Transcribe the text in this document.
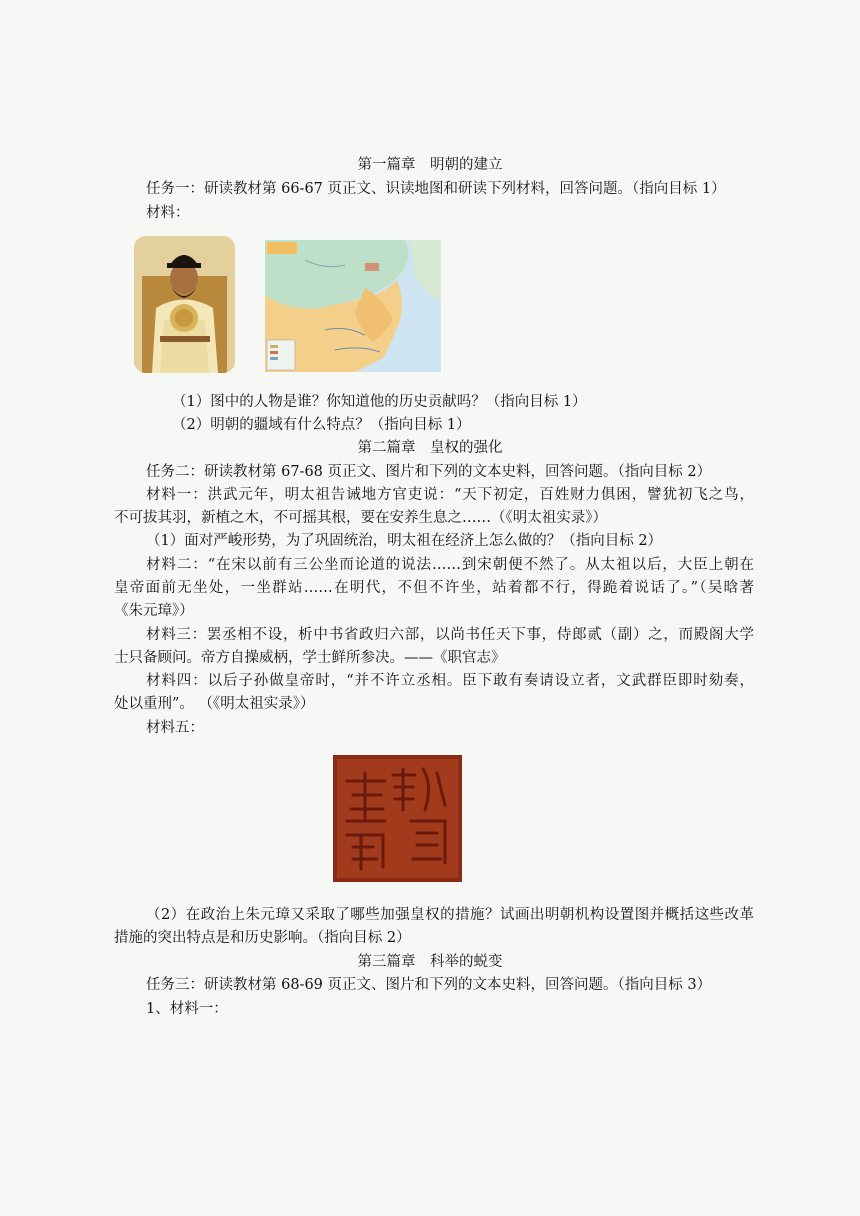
第一篇章　明朝的建立
任务一：研读教材第 66-67 页正文、识读地图和研读下列材料，回答问题。（指向目标 1）
材料：
（1）图中的人物是谁？你知道他的历史贡献吗？（指向目标 1）
（2）明朝的疆域有什么特点？（指向目标 1）
第二篇章　皇权的强化
任务二：研读教材第 67-68 页正文、图片和下列的文本史料，回答问题。（指向目标 2）
材料一：洪武元年，明太祖告诫地方官吏说：“天下初定，百姓财力俱困，譬犹初飞之鸟，
不可拔其羽，新植之木，不可摇其根，要在安养生息之……（《明太祖实录》）
（1）面对严峻形势，为了巩固统治，明太祖在经济上怎么做的？（指向目标 2）
材料二：“在宋以前有三公坐而论道的说法……到宋朝便不然了。从太祖以后，大臣上朝在
皇帝面前无坐处，一坐群站……在明代，不但不许坐，站着都不行，得跪着说话了。”（吴晗著
《朱元璋》）
材料三：罢丞相不设，析中书省政归六部，以尚书任天下事，侍郎贰（副）之，而殿阁大学
士只备顾问。帝方自操威柄，学士鲜所参决。——《职官志》
材料四：以后子孙做皇帝时，“并不许立丞相。臣下敢有奏请设立者，文武群臣即时劾奏，
处以重刑”。 （《明太祖实录》）
材料五：
（2）在政治上朱元璋又采取了哪些加强皇权的措施？试画出明朝机构设置图并概括这些改革
措施的突出特点是和历史影响。（指向目标 2）
第三篇章　科举的蜕变
任务三：研读教材第 68-69 页正文、图片和下列的文本史料，回答问题。（指向目标 3）
1、材料一：
